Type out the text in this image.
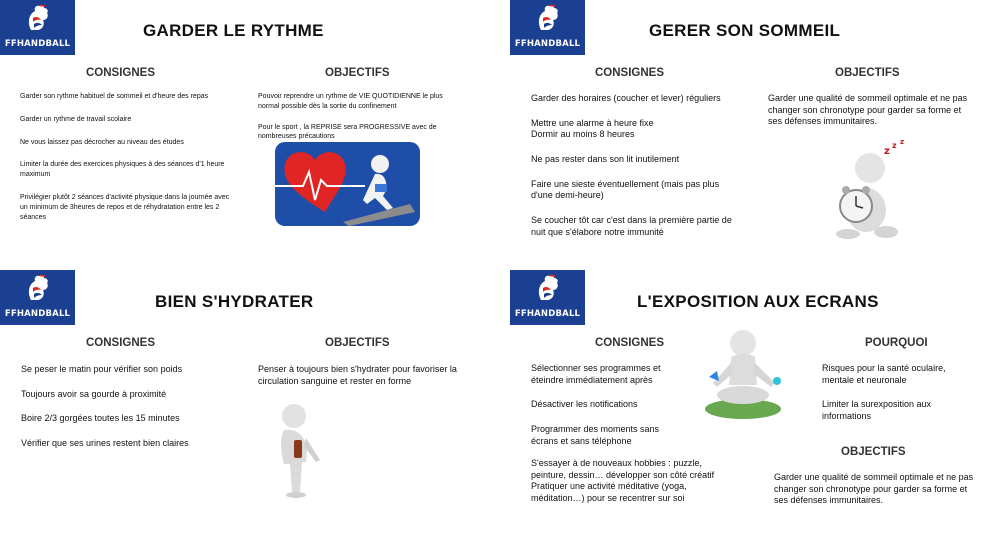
FFHANDBALL
GARDER LE RYTHME
CONSIGNES	OBJECTIFS

Garder son rythme habituel de sommeil et d'heure des repas

Garder un rythme de travail scolaire

Ne vous laissez pas décrocher au niveau des études

Limiter la durée des exercices physiques à des séances d'1 heure maximum

Privilégier plutôt 2 séances d'activité physique dans la journée avec un minimum de 3heures de repos et de réhydratation entre les 2 séances

Pouvoir reprendre un rythme de VIE QUOTIDIENNE le plus normal possible dès la sortie du confinement

Pour le sport , la REPRISE sera PROGRESSIVE avec de nombreuses précautions

FFHANDBALL
GERER SON SOMMEIL
CONSIGNES	OBJECTIFS

Garder des horaires (coucher et lever) réguliers

Mettre une alarme à heure fixe

Dormir au moins 8 heures

Ne pas rester dans son lit inutilement

Faire une sieste éventuellement (mais pas plus d'une demi-heure)

Se coucher tôt car c'est dans la première partie de nuit que s'élabore notre immunité

Garder une qualité de sommeil optimale et ne pas changer son chronotype pour garder sa forme et ses défenses immunitaires.
z
z z
FFHANDBALL
BIEN S'HYDRATER
CONSIGNES	OBJECTIFS

Se peser le matin pour vérifier son poids

Toujours avoir sa gourde à proximité

Boire 2/3 gorgées toutes les 15 minutes

Vérifier que ses urines restent bien claires

Penser à toujours bien s'hydrater pour favoriser la circulation sanguine et rester en forme
FFHANDBALL
L'EXPOSITION AUX ECRANS
CONSIGNES	POURQUOI
OBJECTIFS

Sélectionner ses programmes et éteindre immédiatement après

Désactiver les notifications

Programmer des moments sans écrans et sans téléphone

S'essayer à de nouveaux hobbies : puzzle, peinture, dessin… développer son côté créatif

Pratiquer une activité méditative (yoga, méditation…) pour se recentrer sur soi

Risques pour la santé oculaire, mentale et neuronale

Limiter la surexposition aux informations

Garder une qualité de sommeil optimale et ne pas changer son chronotype pour garder sa forme et ses défenses immunitaires.
